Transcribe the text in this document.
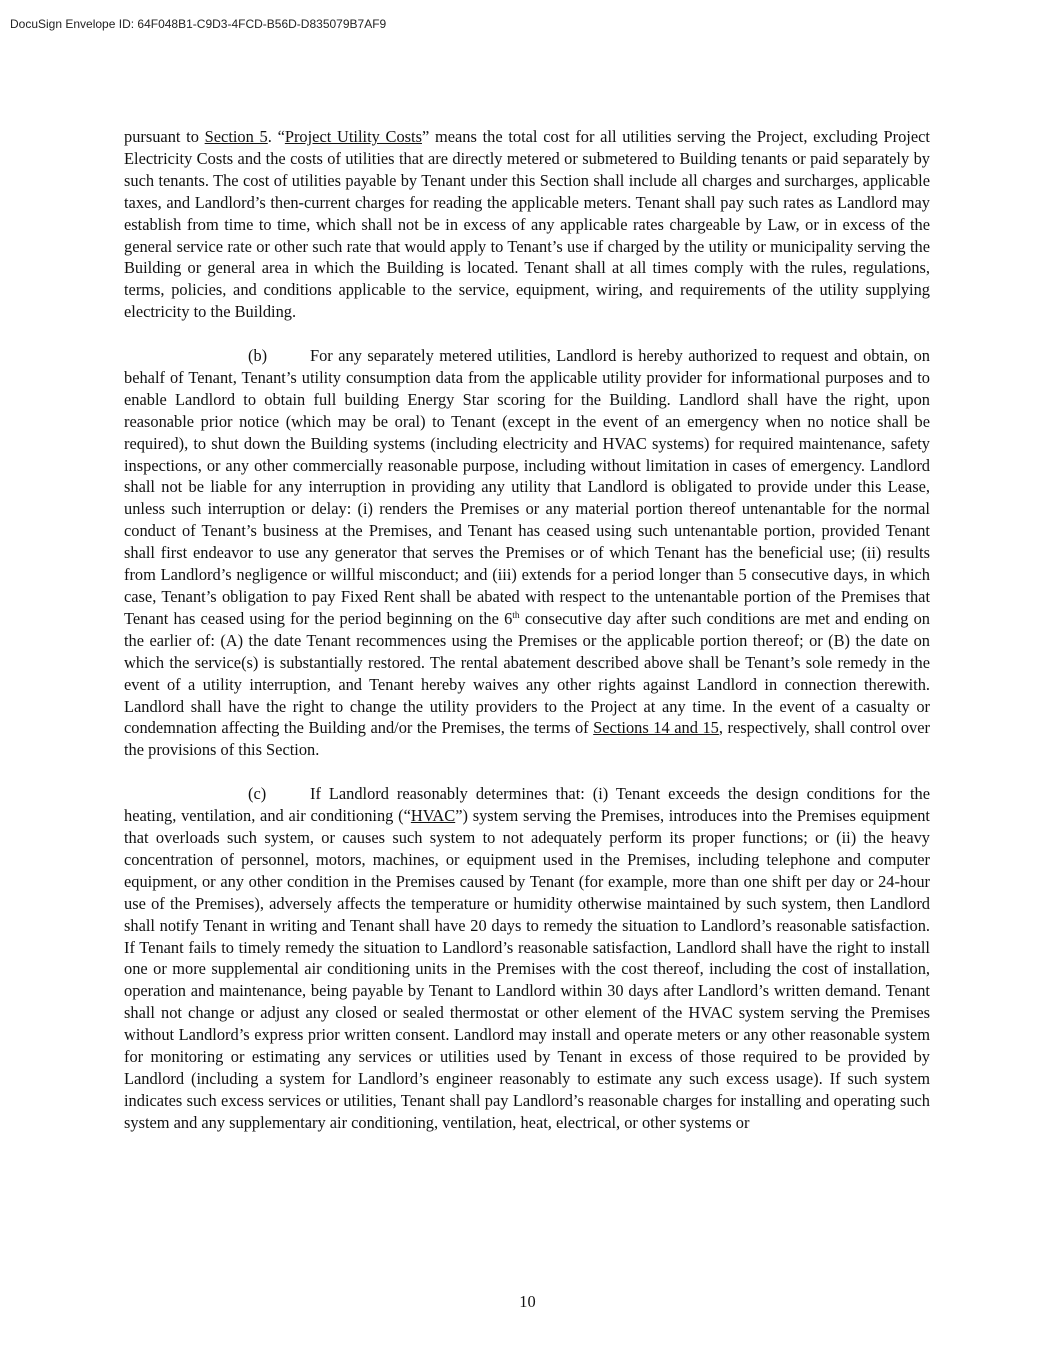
DocuSign Envelope ID: 64F048B1-C9D3-4FCD-B56D-D835079B7AF9

pursuant to Section 5. “Project Utility Costs” means the total cost for all utilities serving the Project, excluding Project Electricity Costs and the costs of utilities that are directly metered or submetered to Building tenants or paid separately by such tenants. The cost of utilities payable by Tenant under this Section shall include all charges and surcharges, applicable taxes, and Landlord’s then-current charges for reading the applicable meters. Tenant shall pay such rates as Landlord may establish from time to time, which shall not be in excess of any applicable rates chargeable by Law, or in excess of the general service rate or other such rate that would apply to Tenant’s use if charged by the utility or municipality serving the Building or general area in which the Building is located. Tenant shall at all times comply with the rules, regulations, terms, policies, and conditions applicable to the service, equipment, wiring, and requirements of the utility supplying electricity to the Building.

(b)	For any separately metered utilities, Landlord is hereby authorized to request and obtain, on behalf of Tenant, Tenant’s utility consumption data from the applicable utility provider for informational purposes and to enable Landlord to obtain full building Energy Star scoring for the Building. Landlord shall have the right, upon reasonable prior notice (which may be oral) to Tenant (except in the event of an emergency when no notice shall be required), to shut down the Building systems (including electricity and HVAC systems) for required maintenance, safety inspections, or any other commercially reasonable purpose, including without limitation in cases of emergency. Landlord shall not be liable for any interruption in providing any utility that Landlord is obligated to provide under this Lease, unless such interruption or delay: (i) renders the Premises or any material portion thereof untenantable for the normal conduct of Tenant’s business at the Premises, and Tenant has ceased using such untenantable portion, provided Tenant shall first endeavor to use any generator that serves the Premises or of which Tenant has the beneficial use; (ii) results from Landlord’s negligence or willful misconduct; and (iii) extends for a period longer than 5 consecutive days, in which case, Tenant’s obligation to pay Fixed Rent shall be abated with respect to the untenantable portion of the Premises that Tenant has ceased using for the period beginning on the 6th consecutive day after such conditions are met and ending on the earlier of: (A) the date Tenant recommences using the Premises or the applicable portion thereof; or (B) the date on which the service(s) is substantially restored. The rental abatement described above shall be Tenant’s sole remedy in the event of a utility interruption, and Tenant hereby waives any other rights against Landlord in connection therewith. Landlord shall have the right to change the utility providers to the Project at any time. In the event of a casualty or condemnation affecting the Building and/or the Premises, the terms of Sections 14 and 15, respectively, shall control over the provisions of this Section.

(c)	If Landlord reasonably determines that: (i) Tenant exceeds the design conditions for the heating, ventilation, and air conditioning (“HVAC”) system serving the Premises, introduces into the Premises equipment that overloads such system, or causes such system to not adequately perform its proper functions; or (ii) the heavy concentration of personnel, motors, machines, or equipment used in the Premises, including telephone and computer equipment, or any other condition in the Premises caused by Tenant (for example, more than one shift per day or 24-hour use of the Premises), adversely affects the temperature or humidity otherwise maintained by such system, then Landlord shall notify Tenant in writing and Tenant shall have 20 days to remedy the situation to Landlord’s reasonable satisfaction. If Tenant fails to timely remedy the situation to Landlord’s reasonable satisfaction, Landlord shall have the right to install one or more supplemental air conditioning units in the Premises with the cost thereof, including the cost of installation, operation and maintenance, being payable by Tenant to Landlord within 30 days after Landlord’s written demand. Tenant shall not change or adjust any closed or sealed thermostat or other element of the HVAC system serving the Premises without Landlord’s express prior written consent. Landlord may install and operate meters or any other reasonable system for monitoring or estimating any services or utilities used by Tenant in excess of those required to be provided by Landlord (including a system for Landlord’s engineer reasonably to estimate any such excess usage). If such system indicates such excess services or utilities, Tenant shall pay Landlord’s reasonable charges for installing and operating such system and any supplementary air conditioning, ventilation, heat, electrical, or other systems or

10
